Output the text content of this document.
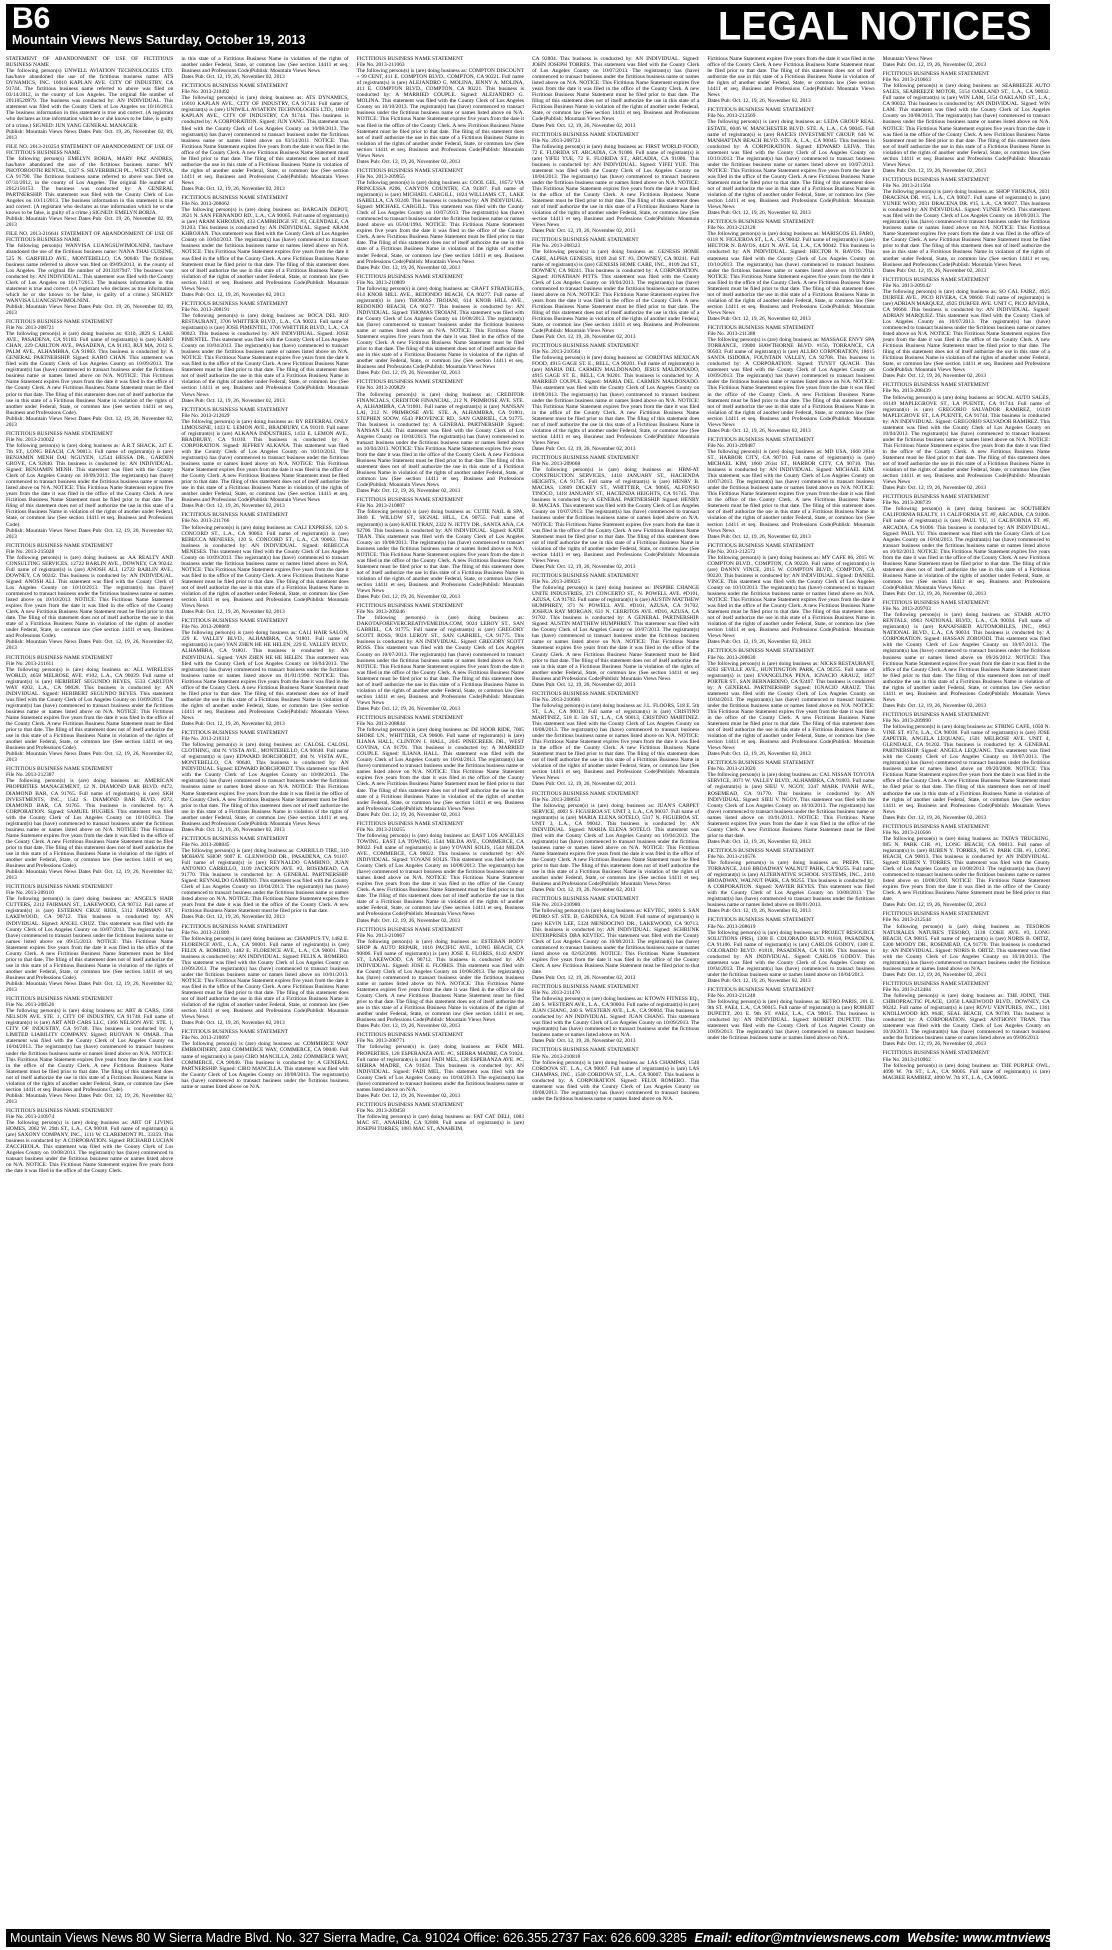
B6
Mountain Views News Saturday, October 19, 2013	LEGAL NOTICES
STATEMENT OF ABANDONMENT OF USE OF FICTITIOUS BUSINESS NAME
The following person(s) UNWELL AVIATION TECHNOLOGIES LTD. has/have abandoned the use of the fictitious business name: ATS DYNAMICS, INC. 16010 KAPLAN AVE. CITY OF INDUSTRY, CA 91744. The fictitious business name referred to above was filed on 03/14/2012, in the county of Los Angeles. The original file number of 20110520979. The business was conducted by: AN INDIVIDUAL. This statement was filed with the County Clerk of Los Angeles on 10/16/2013. The business information in this statement is true and correct. (A registrant who declares as true information which he or she knows to be false, is guilty of a crime.) SIGNED: JUN YANG GENERAL MANAGER
Publish: Mountain Views News Dates Pub: Oct. 19, 26, November 02, 09, 2013
FILE NO. 2013-210254 STATEMENT OF ABANDONMENT OF USE OF FICTITIOUS BUSINESS NAME
The following person(s) EMELYN BORJA, MARY PAZ ANDRES, has/have abandoned the use of the fictitious business name: MY PHOTOBOOTH RENTAL, 1327 S. SILVERBIRCH PL., WEST COVINA, CA 91790. The fictitious business name referred to above was filed on 07/31/2012, in the county of Los Angeles. The original file number of 2012156153. The business was conducted by: A GENERAL PARTNERSHIP. This statement was filed with the County Clerk of Los Angeles on 10/11/2013. The business information in this statement is true and correct. (A registrant who declares as true information which he or she knows to be false, is guilty of a crime.) SIGNED: EMELYN BORJA.
Publish: Mountain Views News Dates Pub: Oct. 19, 26, November 02, 09, 2013
FILE NO. 2013-216641 STATEMENT OF ABANDONMENT OF USE OF FICTITIOUS BUSINESS NAME
The following person(s) WANVISA LUANGSUWIMOLNINI, has/have abandoned the use of the fictitious business name: NANA THAI CUISINE, 525 N. GARFIELD AVE., MONTEBELLO, CA 90640. The fictitious business name referred to above was filed on 09/09/2013, in the county of Los Angeles. The original file number of 2013187947. The business was conducted by: AN INDIVIDUAL. This statement was filed with the County Clerk of Los Angeles on 10/17/2013. The business information in this statement is true and correct. (A registrant who declares as true information which he or she knows to be false, is guilty of a crime.) SIGNED: WANVISA LUANGSUWIMOLNINI.
Publish: Mountain Views News Dates Pub: Oct. 19, 26, November 02, 09, 2013
FICTITIOUS BUSINESS NAME STATEMENT
File No. 2013-208721
The following person(s) is (are) doing business as: 0310, 2829 S. LAKE AVE., PASADENA, CA 91103. Full name of registrant(s) is (are) KARO CHAN, 229 CARLTON AVE., PASADENA, CA 91103, RUI MA, 2012 S. PALM AVE., ALHAMBRA, CA 91803. This business is conducted by: A GENERAL PARTNERSHIP. Signed: KARO CHAN. This statement was filed with the County Clerk of Los Angeles County on 10/09/2013. The registrant(s) has (have) commenced to transact business under the fictitious business name or names listed above on N/A. NOTICE: This Fictitious Name Statement expires five years from the date it was filed in the office of the County Clerk. A new Fictitious Business Name Statement must be filed prior to that date. The filing of this statement does not of itself authorize the use in this state of a Fictitious Business Name in violation of the rights of another under Federal, State, or common law (See section 14411 et seq. Business and Professions Code).
Publish: Mountain Views News Dates Pub: Oct. 12, 19, 26, November 02, 2013
FICTITIOUS BUSINESS NAME STATEMENT
File No. 2013-210022
The following person(s) is (are) doing business as: A.R.T SHACK, 247 E. 7th ST., LONG BEACH, CA 90813. Full name of registrant(s) is (are) BENJAMIN MENH DAI NGUYEN, 12544 HESSA DR., GARDEN GROVE, CA 92840. This business is conducted by: AN INDIVIDUAL. Signed: BENJAMIN MENH. This statement was filed with the County Clerk of Los Angeles County on 10/09/2013. The registrant(s) has (have) commenced to transact business under the fictitious business name or names listed above on N/A. NOTICE: This Fictitious Name Statement expires five years from the date it was filed in the office of the County Clerk. A new Fictitious Business Name Statement must be filed prior to that date. The filing of this statement does not of itself authorize the use in this state of a Fictitious Business Name in violation of the rights of another under Federal, State, or common law (See section 14411 et seq. Business and Professions Code).
Publish: Mountain Views News Dates Pub: Oct. 12, 19, 26, November 02, 2013
FICTITIOUS BUSINESS NAME STATEMENT
File No. 2013-215028
The following person(s) is (are) doing business as: AA REALTY AND CONSULTING SERVICES, 12722 BARLIN AVE., DOWNEY, CA 90242. Full name of registrant(s) is (are) ANOSH ALI, 12722 BARLIN AVE., DOWNEY, CA 90242. This business is conducted by: AN INDIVIDUAL. Signed: ANOSH ALI. This statement was filed with the County Clerk of Los Angeles County on 10/10/2013. The registrant(s) has (have) commenced to transact business under the fictitious business name or names listed above on 10/10/2013. NOTICE: This Fictitious Name Statement expires five years from the date it was filed in the office of the County Clerk. A new Fictitious Business Name Statement must be filed prior to that date. The filing of this statement does not of itself authorize the use in this state of a Fictitious Business Name in violation of the rights of another under Federal, State, or common law (See section 14411 et seq. Business and Professions Code).
Publish: Mountain Views News Dates Pub: Oct. 12, 19, 26, November 02, 2013
FICTITIOUS BUSINESS NAME STATEMENT
File No. 2013-211611
The following person(s) is (are) doing business as: ALL WIRELESS WORLD, 4658 MELROSE AVE. #102, L.A., CA 90029. Full name of registrant(s) is (are) HERIBERT SEGUNDO REYES, 5533 CARLTON WAY #202, L.A., CA 90028. This business is conducted by: AN INDIVIDUAL. Signed: HERIBERT SEGUNDO REYES. This statement was filed with the County Clerk of Los Angeles County on 10/09/2013. The registrant(s) has (have) commenced to transact business under the fictitious business name or names listed above on N/A. NOTICE: This Fictitious Name Statement expires five years from the date it was filed in the office of the County Clerk. A new Fictitious Business Name Statement must be filed prior to that date. The filing of this statement does not of itself authorize the use in this state of a Fictitious Business Name in violation of the rights of another under Federal, State, or common law (See section 14411 et seq. Business and Professions Code).
Publish: Mountain Views News Dates Pub: Oct. 12, 19, 26, November 02, 2013
FICTITIOUS BUSINESS NAME STATEMENT
File No. 2013-212387
The following person(s) is (are) doing business as: AMERICAN PROPERTIES MANAGEMENT, 12 N. DIAMOND BAR BLVD. #472, DIAMOND BAR, CA 91765. Full name of registrant(s) is (are) SKH INVESTMENTS, INC., 1542 S. DIAMOND BAR BLVD. #272, DIAMOND BAR, CA 91765. This business is conducted by: A CORPORATION. Signed: SAMUEL HUGHES. This statement was filed with the County Clerk of Los Angeles County on 10/10/2013. The registrant(s) has (have) commenced to transact business under the fictitious business name or names listed above on N/A. NOTICE: This Fictitious Name Statement expires five years from the date it was filed in the office of the County Clerk. A new Fictitious Business Name Statement must be filed prior to that date. The filing of this statement does not of itself authorize the use in this state of a Fictitious Business Name in violation of the rights of another under Federal, State, or common law (See section 14411 et seq. Business and Professions Code).
Publish: Mountain Views News Dates Pub: Oct. 12, 19, 26, November 02, 2013
FICTITIOUS BUSINESS NAME STATEMENT
File No. 2013-209110
The following person(s) is (are) doing business as: ANGEL'S HAIR CUTTERS, 2312 FAIRMAN ST., LAKEWOOD, CA 90712. Full name of registrant(s) is (are) ESTEBAN CRUZ RIOS, 5312 FAIRMAN ST., LAKEWOOD, CA 90712. This business is conducted by: AN INDIVIDUAL. Signed: ANGEL CRUZ. This statement was filed with the County Clerk of Los Angeles County on 10/07/2013. The registrant(s) has (have) commenced to transact business under the fictitious business name or names listed above on 09/15/2013. NOTICE: This Fictitious Name Statement expires five years from the date it was filed in the office of the County Clerk. A new Fictitious Business Name Statement must be filed prior to that date. The filing of this statement does not of itself authorize the use in this state of a Fictitious Business Name in violation of the rights of another under Federal, State, or common law (See section 14411 et seq. Business and Professions Code).
Publish: Mountain Views News Dates Pub: Oct. 12, 19, 26, November 02, 2013
FICTITIOUS BUSINESS NAME STATEMENT
File No. 2013-208526
The following person(s) is (are) doing business as: ART & CARS, 1366 NELSON AVE. STE. 1, CITY OF INDUSTRY, CA 91748. Full name of registrant(s) is (are) ART AND CARS LLC, 1366 NELSON AVE. STE. 1, CITY OF INDUSTRY, CA 91748. This business is conducted by: A LIMITED LIABILITY COMPANY. Signed: RUOYAN N. OMAR. This statement was filed with the County Clerk of Los Angeles County on 10/04/2013. The registrant(s) has (have) commenced to transact business under the fictitious business name or names listed above on N/A. NOTICE: This Fictitious Name Statement expires five years from the date it was filed in the office of the County Clerk. A new Fictitious Business Name Statement must be filed prior to that date. The filing of this statement does not of itself authorize the use in this state of a Fictitious Business Name in violation of the rights of another under Federal, State, or common law (See section 14411 et seq. Business and Professions Code).
Publish: Mountain Views News Dates Pub: Oct. 12, 19, 26, November 02, 2013
FICTITIOUS BUSINESS NAME STATEMENT
File No. 2013-210974
The following person(s) is (are) doing business as: ART OF LIVING HOMES, 2062 W. 29th ST., L.A., CA 90018. Full name of registrant(s) is (are) SAXONY COMPANY, INC., 1111 W. CLAREMONT PL. 33359. This business is conducted by: A CORPORATION. Signed: RICHARD LUCIAN ZACCHEOLA. This statement was filed with the County Clerk of Los Angeles County on 10/08/2013. The registrant(s) has (have) commenced to transact business under the fictitious business name or names listed above on N/A. NOTICE: This Fictitious Name Statement expires five years from the date it was filed in the office of the County Clerk.
in this state of a Fictitious Business Name in violation of the rights of another under Federal, State, or common law (See section 14411 et seq. Business and Professions Code)Publish: Mountain Views News
Dates Pub: Oct. 12, 19, 26, November 02, 2013
FICTITIOUS BUSINESS NAME STATEMENT
File No. 2013-210492
The following person(s) is (are) doing business as: ATS DYNAMICS, 16010 KAPLAN AVE., CITY OF INDUSTRY, CA 91744. Full name of registrant(s) is (are) UNIWILL AVIATION TECHNOLOGIES LTD., 16010 KAPLAN AVE., CITY OF INDUSTRY, CA 91744. This business is conducted by: A CORPORATION. Signed: JUN YANG. This statement was filed with the County Clerk of Los Angeles County on 10/08/2013. The registrant(s) has (have) commenced to transact business under the fictitious business name or names listed above on 03/14/2011. NOTICE: This Fictitious Name Statement expires five years from the date it was filed in the office of the County Clerk. A new Fictitious Business Name Statement must be filed prior to that date. The filing of this statement does not of itself authorize the use in this state of a Fictitious Business Name in violation of the rights of another under Federal, State, or common law (See section 14411 et seq. Business and Professions Code)Publish: Mountain Views News
Dates Pub: Oct. 12, 19, 26, November 02, 2013
FICTITIOUS BUSINESS NAME STATEMENT
File No. 2013-208662
The following person(s) is (are) doing business as: BARGAIN DEPOT, 2621 N. SAN FERNANDO RD., L.A., CA 90065. Full name of registrant(s) is (are) ARAM KHROJIAN, 433 CAMBRIDGE ST. #3, GLENDALE, CA 91203. This business is conducted by: AN INDIVIDUAL. Signed: ARAM KHROJIAN. This statement was filed with the County Clerk of Los Angeles County on 10/04/2013. The registrant(s) has (have) commenced to transact business under the fictitious business name or names listed above on N/A. NOTICE: This Fictitious Name Statement expires five years from the date it was filed in the office of the County Clerk. A new Fictitious Business Name Statement must be filed prior to that date. The filing of this statement does not of itself authorize the use in this state of a Fictitious Business Name in violation of the rights of another under Federal, State, or common law (See section 14411 et seq. Business and Professions Code)Publish: Mountain Views News
Dates Pub: Oct. 12, 19, 26, November 02, 2013
FICTITIOUS BUSINESS NAME STATEMENT
File No. 2013-208191
The following person(s) is (are) doing business as: BOCA DEL RIO RESTAURANT, 3706 WHITTIER BLVD., L.A., CA 90023. Full name of registrant(s) is (are) JOSE PIMENTEL, 3706 WHITTIER BLVD., L.A., CA 90023. This business is conducted by: AN INDIVIDUAL. Signed: JOSE PIMENTEL. This statement was filed with the County Clerk of Los Angeles County on 10/04/2013. The registrant(s) has (have) commenced to transact business under the fictitious business name or names listed above on N/A. NOTICE: This Fictitious Name Statement expires five years from the date it was filed in the office of the County Clerk. A new Fictitious Business Name Statement must be filed prior to that date. The filing of this statement does not of itself authorize the use in this state of a Fictitious Business Name in violation of the rights of another under Federal, State, or common law (See section 14411 et seq. Business and Professions Code)Publish: Mountain Views News
Dates Pub: Oct. 12, 19, 26, November 02, 2013
FICTITIOUS BUSINESS NAME STATEMENT
File No. 2013-212629
The following person(s) is (are) doing business as: BY REFERRAL ONLY LIMOUSINE, 1433 E. LEMON AVE., BRADBURY, CA 91010. Full name of registrant(s) is (are) ALKANA INDUSTRIES, 1433 E. LEMON AVE., BRADBURY, CA 91010. This business is conducted by: A CORPORATION. Signed: JEFFREY ALKANA. This statement was filed with the County Clerk of Los Angeles County on 10/10/2013. The registrant(s) has (have) commenced to transact business under the fictitious business name or names listed above on N/A. NOTICE: This Fictitious Name Statement expires five years from the date it was filed in the office of the County Clerk. A new Fictitious Business Name Statement must be filed prior to that date. The filing of this statement does not of itself authorize the use in this state of a Fictitious Business Name in violation of the rights of another under Federal, State, or common law (See section 14411 et seq. Business and Professions Code)Publish: Mountain Views News
Dates Pub: Oct. 12, 19, 26, November 02, 2013
FICTITIOUS BUSINESS NAME STATEMENT
File No. 2013-211766
The following person(s) is (are) doing business as: CALI EXPRESS, 120 S. CONCORD ST., L.A., CA 90063. Full name of registrant(s) is (are) REBECCA MENESES, 120 S. CONCORD ST., L.A., CA 90063. This business is conducted by: AN INDIVIDUAL. Signed: REBECCA MENESES. This statement was filed with the County Clerk of Los Angeles County on 10/09/2013. The registrant(s) has (have) commenced to transact business under the fictitious business name or names listed above on N/A. NOTICE: This Fictitious Name Statement expires five years from the date it was filed in the office of the County Clerk. A new Fictitious Business Name Statement must be filed prior to that date. The filing of this statement does not of itself authorize the use in this state of a Fictitious Business Name in violation of the rights of another under Federal, State, or common law (See section 14411 et seq. Business and Professions Code)Publish: Mountain Views News
Dates Pub: Oct. 12, 19, 26, November 02, 2013
FICTITIOUS BUSINESS NAME STATEMENT
File No. 2013-208869
The following person(s) is (are) doing business as: CALI HAIR SALON, 229 E. VALLEY BLVD., ALHAMBRA, CA 91801. Full name of registrant(s) is (are) YAN ZHEN HE HE HELEN, 229 E. VALLEY BLVD., ALHAMBRA, CA 91801. This business is conducted by: AN INDIVIDUAL. Signed: YAN ZHEN HE HE HELEN. This statement was filed with the County Clerk of Los Angeles County on 10/04/2013. The registrant(s) has (have) commenced to transact business under the fictitious business name or names listed above on 01/01/1990. NOTICE: This Fictitious Name Statement expires five years from the date it was filed in the office of the County Clerk. A new Fictitious Business Name Statement must be filed prior to that date. The filing of this statement does not of itself authorize the use in this state of a Fictitious Business Name in violation of the rights of another under Federal, State, or common law (See section 14411 et seq. Business and Professions Code)Publish: Mountain Views News
Dates Pub: Oct. 12, 19, 26, November 02, 2013
FICTITIOUS BUSINESS NAME STATEMENT
File No. 2013-210312
The following person(s) is (are) doing business as: CALOSL CALOSL CLOTHING, 404 N. VISTA AVE., MONTEBELLO, CA 90640. Full name of registrant(s) is (are) EDWARD BORCHORDT, 404 N. VISTA AVE., MONTEBELLO, CA 90640. This business is conducted by: AN INDIVIDUAL. Signed: EDWARD BORCHORDT. This statement was filed with the County Clerk of Los Angeles County on 10/08/2013. The registrant(s) has (have) commenced to transact business under the fictitious business name or names listed above on N/A. NOTICE: This Fictitious Name Statement expires five years from the date it was filed in the office of the County Clerk. A new Fictitious Business Name Statement must be filed prior to that date. The filing of this statement does not of itself authorize the use in this state of a Fictitious Business Name in violation of the rights of another under Federal, State, or common law (See section 14411 et seq. Business and Professions Code)Publish: Mountain Views News
Dates Pub: Oct. 12, 19, 26, November 02, 2013
FICTITIOUS BUSINESS NAME STATEMENT
File No. 2013-208845
The following person(s) is (are) doing business as: CARRILLO TIRE, 310 MOHAVE SHOP, 9007 E. GLENWOOD DR., PASADENA, CA 91107. Full name of registrant(s) is (are) REYNALDO GAMBINO, JUAN ANTONIO CARRILLO, 3109 JACKSON AVE. #2, ROSEMEAD, CA 91770. This business is conducted by: A GENERAL PARTNERSHIP. Signed: REYNALDO GAMBINO. This statement was filed with the County Clerk of Los Angeles County on 10/04/2013. The registrant(s) has (have) commenced to transact business under the fictitious business name or names listed above on N/A. NOTICE: This Fictitious Name Statement expires five years from the date it was filed in the office of the County Clerk. A new Fictitious Business Name Statement must be filed prior to that date.
Dates Pub: Oct. 12, 19, 26, November 02, 2013
FICTITIOUS BUSINESS NAME STATEMENT
File No. 2013-211809
The following person(s) is (are) doing business as: CHAMPUS TV, 1482 E. FLORENCE AVE., L.A., CA 90001. Full name of registrant(s) is (are) FELIX A. ROMERO, 1482 E. FLORENCE AVE., L.A., CA 90001. This business is conducted by: AN INDIVIDUAL. Signed: FELIX A. ROMERO. This statement was filed with the County Clerk of Los Angeles County on 10/09/2013. The registrant(s) has (have) commenced to transact business under the fictitious business name or names listed above on 10/01/2013. NOTICE: This Fictitious Name Statement expires five years from the date it was filed in the office of the County Clerk. A new Fictitious Business Name Statement must be filed prior to that date. The filing of this statement does not of itself authorize the use in this state of a Fictitious Business Name in violation of the rights of another under Federal, State, or common law (See section 14411 et seq. Business and Professions Code)Publish: Mountain Views News
Dates Pub: Oct. 12, 19, 26, November 02, 2013
FICTITIOUS BUSINESS NAME STATEMENT
File No. 2013-210097
The following person(s) is (are) doing business as: COMMERCE WAY EMBROIDERY, 2402 COMMERCE WAY, COMMERCE, CA 90040. Full name of registrant(s) is (are) CIRO MANCILLA, 2402 COMMERCE WAY, COMMERCE, CA 90040. This business is conducted by: A GENERAL PARTNERSHIP. Signed: CIRO MANCILLA. This statement was filed with the County Clerk of Los Angeles County on 10/08/2013. The registrant(s) has (have) commenced to transact business under the fictitious business name or names listed above on N/A.
FICTITIOUS BUSINESS NAME STATEMENT
File No. 2013-211063
The following person(s) is (are) doing business as: COMPTON DISCOUNT + 99 CENT, 411 E. COMPTON BLVD., COMPTON, CA 90221. Full name of registrant(s) is (are) ALEJANDRO G. MOLINA, JENNY A. MOLINA, 411 E. COMPTON BLVD., COMPTON, CA 90221. This business is conducted by: A MARRIED COUPLE. Signed: ALEJANDRO G. MOLINA. This statement was filed with the County Clerk of Los Angeles County on 10/10/2013. The registrant(s) has (have) commenced to transact business under the fictitious business name or names listed above on N/A. NOTICE: This Fictitious Name Statement expires five years from the date it was filed in the office of the County Clerk. A new Fictitious Business Name Statement must be filed prior to that date. The filing of this statement does not of itself authorize the use in this state of a Fictitious Business Name in violation of the rights of another under Federal, State, or common law (See section 14411 et seq. Business and Professions Code)Publish: Mountain Views News
Dates Pub: Oct. 12, 19, 26, November 02, 2013
FICTITIOUS BUSINESS NAME STATEMENT
File No. 2013-209955
The following person(s) is (are) doing business as: COOL GEL, 18572 VIA PRINCESSA #206, CANYON COUNTRY, CA 91387. Full name of registrant(s) is (are) MICHAEL CARGILL, 1824 WILLIAMS CT., LAKE ISABELLA, CA 93240. This business is conducted by: AN INDIVIDUAL. Signed: MICHAEL CARGILL. This statement was filed with the County Clerk of Los Angeles County on 10/07/2013. The registrant(s) has (have) commenced to transact business under the fictitious business name or names listed above on 05/04/1994. NOTICE: This Fictitious Name Statement expires five years from the date it was filed in the office of the County Clerk. A new Fictitious Business Name Statement must be filed prior to that date. The filing of this statement does not of itself authorize the use in this state of a Fictitious Business Name in violation of the rights of another under Federal, State, or common law (See section 14411 et seq. Business and Professions Code)Publish: Mountain Views News
Dates Pub: Oct. 12, 19, 26, November 02, 2013
FICTITIOUS BUSINESS NAME STATEMENT
File No. 2013-210809
The following person(s) is (are) doing business as: CRAFT STRATEGIES, 614 KNOB HILL AVE., REDONDO BEACH, CA 90277. Full name of registrant(s) is (are) THOMAS TROIANI, 614 KNOB HILL AVE., REDONDO BEACH, CA 90277. This business is conducted by: AN INDIVIDUAL. Signed: THOMAS TROIANI. This statement was filed with the County Clerk of Los Angeles County on 10/08/2013. The registrant(s) has (have) commenced to transact business under the fictitious business name or names listed above on N/A. NOTICE: This Fictitious Name Statement expires five years from the date it was filed in the office of the County Clerk. A new Fictitious Business Name Statement must be filed prior to that date. The filing of this statement does not of itself authorize the use in this state of a Fictitious Business Name in violation of the rights of another under Federal, State, or common law (See section 14411 et seq. Business and Professions Code)Publish: Mountain Views News
Dates Pub: Oct. 12, 19, 26, November 02, 2013
FICTITIOUS BUSINESS NAME STATEMENT
File No. 2013-209829
The following person(s) is (are) doing business as: CREDITOR FINANCIALS, CREDITOR FINANCIAL, 212 N. PRIMROSE AVE. STE. A, ALHAMBRA, CA 91801. Full name of registrant(s) is (are) NANSAN LAI, 212 N. PRIMROSE AVE. STE. A, ALHAMBRA, CA 91801, STEPHEN SOOW, 6543 PROVENCE RD., SAN GABRIEL, CA 91775. This business is conducted by: A GENERAL PARTNERSHIP. Signed: NANSAN LAI. This statement was filed with the County Clerk of Los Angeles County on 10/04/2013. The registrant(s) has (have) commenced to transact business under the fictitious business name or names listed above on 10/04/2013. NOTICE: This Fictitious Name Statement expires five years from the date it was filed in the office of the County Clerk. A new Fictitious Business Name Statement must be filed prior to that date. The filing of this statement does not of itself authorize the use in this state of a Fictitious Business Name in violation of the rights of another under Federal, State, or common law (See section 14411 et seq. Business and Professions Code)Publish: Mountain Views News
Dates Pub: Oct. 12, 19, 26, November 02, 2013
FICTITIOUS BUSINESS NAME STATEMENT
File No. 2013-210807
The following person(s) is (are) doing business as: CUTIE NAIL & SPA, 3840 E. WILLOW ST., SIGNAL HILL, CA 90755. Full name of registrant(s) is (are) KATIE TRAN, 2322 N. JETTY DR., SANTA ANA, CA 92706. This business is conducted by: AN INDIVIDUAL. Signed: KATIE TRAN. This statement was filed with the County Clerk of Los Angeles County on 10/08/2013. The registrant(s) has (have) commenced to transact business under the fictitious business name or names listed above on N/A. NOTICE: This Fictitious Name Statement expires five years from the date it was filed in the office of the County Clerk. A new Fictitious Business Name Statement must be filed prior to that date. The filing of this statement does not of itself authorize the use in this state of a Fictitious Business Name in violation of the rights of another under Federal, State, or common law (See section 14411 et seq. Business and Professions Code)Publish: Mountain Views News
Dates Pub: Oct. 12, 19, 26, November 02, 2013
FICTITIOUS BUSINESS NAME STATEMENT
File No. 2013-209246
The following person(s) is (are) doing business as: DAKOTAFOREVERCREATIVEMEDIA.COM, 9024 LEROY ST., SAN GABRIEL, CA 91775. Full name of registrant(s) is (are) GREGORY SCOTT ROSS, 9024 LEROY ST., SAN GABRIEL, CA 91775. This business is conducted by: AN INDIVIDUAL. Signed: GREGORY SCOTT ROSS. This statement was filed with the County Clerk of Los Angeles County on 10/07/2013. The registrant(s) has (have) commenced to transact business under the fictitious business name or names listed above on N/A. NOTICE: This Fictitious Name Statement expires five years from the date it was filed in the office of the County Clerk. A new Fictitious Business Name Statement must be filed prior to that date. The filing of this statement does not of itself authorize the use in this state of a Fictitious Business Name in violation of the rights of another under Federal, State, or common law (See section 14411 et seq. Business and Professions Code)Publish: Mountain Views News
Dates Pub: Oct. 12, 19, 26, November 02, 2013
FICTITIOUS BUSINESS NAME STATEMENT
File No. 2013-208844
The following person(s) is (are) doing business as: DE HOOR RIDE, 7005 SHORE LN., WHITTIER, CA 90606. Full name of registrant(s) is (are) ILIANA HALL, CLINTON I. HALL, 2045 PINECREEK DR., WEST COVINA, CA 91791. This business is conducted by: A MARRIED COUPLE. Signed: ILIANA HALL. This statement was filed with the County Clerk of Los Angeles County on 10/04/2013. The registrant(s) has (have) commenced to transact business under the fictitious business name or names listed above on N/A. NOTICE: This Fictitious Name Statement expires five years from the date it was filed in the office of the County Clerk. A new Fictitious Business Name Statement must be filed prior to that date. The filing of this statement does not of itself authorize the use in this state of a Fictitious Business Name in violation of the rights of another under Federal, State, or common law (See section 14411 et seq. Business and Professions Code)Publish: Mountain Views News
Dates Pub: Oct. 12, 19, 26, November 02, 2013
FICTITIOUS BUSINESS NAME STATEMENT
File No. 2013-210255
The following person(s) is (are) doing business as: EAST LOS ANGELES TOWING, EAST LA TOWING, 1544 MILDA AVE., COMMERCE, CA 90022. Full name of registrant(s) is (are) YOVANI SOLIS, 1544 MILDA AVE., COMMERCE, CA 90022. This business is conducted by: AN INDIVIDUAL. Signed: YOVANI SOLIS. This statement was filed with the County Clerk of Los Angeles County on 10/08/2013. The registrant(s) has (have) commenced to transact business under the fictitious business name or names listed above on N/A. NOTICE: This Fictitious Name Statement expires five years from the date it was filed in the office of the County Clerk. A new Fictitious Business Name Statement must be filed prior to that date. The filing of this statement does not of itself authorize the use in this state of a Fictitious Business Name in violation of the rights of another under Federal, State, or common law (See section 14411 et seq. Business and Professions Code)Publish: Mountain Views News
Dates Pub: Oct. 12, 19, 26, November 02, 2013
FICTITIOUS BUSINESS NAME STATEMENT
File No. 2013-210967
The following person(s) is (are) doing business as: ESTEBAN BODY SHOP & AUTO REPAIR, 1016 PACIFIC AVE., LONG BEACH, CA 90806. Full name of registrant(s) is (are) JOSE E. FLORES, 6142 ANDY ST., LAKEWOOD, CA 90712. This business is conducted by: AN INDIVIDUAL. Signed: JOSE E. FLORES. This statement was filed with the County Clerk of Los Angeles County on 10/08/2013. The registrant(s) has (have) commenced to transact business under the fictitious business name or names listed above on N/A. NOTICE: This Fictitious Name Statement expires five years from the date it was filed in the office of the County Clerk. A new Fictitious Business Name Statement must be filed prior to that date. The filing of this statement does not of itself authorize the use in this state of a Fictitious Business Name in violation of the rights of another under Federal, State, or common law (See section 14411 et seq. Business and Professions Code)Publish: Mountain Views News
Dates Pub: Oct. 12, 19, 26, November 02, 2013
FICTITIOUS BUSINESS NAME STATEMENT
File No. 2013-208771
The following person(s) is (are) doing business as: FADI MEL PROPERTIES, 128 ESPERANZA AVE. #C, SIERRA MADRE, CA 91024. Full name of registrant(s) is (are) FADI MEL, 128 ESPERANZA AVE. #C, SIERRA MADRE, CA 91024. This business is conducted by: AN INDIVIDUAL. Signed: FADI MEL. This statement was filed with the County Clerk of Los Angeles County on 10/04/2013. The registrant(s) has (have) commenced to transact business under the fictitious business name or names listed above on N/A.
Dates Pub: Oct. 12, 19, 26, November 02, 2013
FICTITIOUS BUSINESS NAME STATEMENT
File No. 2013-209458
The following person(s) is (are) doing business as: FAT CAT DELI, 1083 MAC ST., ANAHEIM, CA 92808. Full name of registrant(s) is (are) JOSEPH TORRES, 1083 MAC ST., ANAHEIM,
CA 92804. This business is conducted by: AN INDIVIDUAL. Signed: JOHN JOSEPH TORRES. This statement was filed with the County Clerk of Los Angeles County on 10/07/2013. The registrant(s) has (have) commenced to transact business under the fictitious business name or names listed above on N/A. NOTICE: This Fictitious Name Statement expires five years from the date it was filed in the office of the County Clerk. A new Fictitious Business Name Statement must be filed prior to that date. The filing of this statement does not of itself authorize the use in this state of a Fictitious Business Name in violation of the rights of another under Federal, State, or common law (See section 14411 et seq. Business and Professions Code)Publish: Mountain Views News
Dates Pub: Oct. 12, 19, 26, November 02, 2013
FICTITIOUS BUSINESS NAME STATEMENT
File No. 2013-208723
The following person(s) is (are) doing business as: FIRST WORLD FOOD, 72 E. FLORIDA ST. ARCADIA, CA 91006. Full name of registrant(s) is (are) YIFEI YUE, 72 E. FLORIDA ST., ARCADIA, CA 91006. This business is conducted by: AN INDIVIDUAL. Signed: YIFEI YUE. This statement was filed with the County Clerk of Los Angeles County on 10/04/2013. The registrant(s) has (have) commenced to transact business under the fictitious business name or names listed above on N/A. NOTICE: This Fictitious Name Statement expires five years from the date it was filed in the office of the County Clerk. A new Fictitious Business Name Statement must be filed prior to that date. The filing of this statement does not of itself authorize the use in this state of a Fictitious Business Name in violation of the rights of another under Federal, State, or common law (See section 14411 et seq. Business and Professions Code)Publish: Mountain Views News
Dates Pub: Oct. 12, 19, 26, November 02, 2013
FICTITIOUS BUSINESS NAME STATEMENT
File No. 2013-208323
The following person(s) is (are) doing business as: GENESIS HOME CARE, ALPHA GENESIS, 8109 2nd ST. #3, DOWNEY, CA 90241. Full name of registrant(s) is (are) GENESIS HOME CARE, INC., 8109 2nd ST., DOWNEY, CA 90241. This business is conducted by: A CORPORATION. Signed: JONATHAN PITTS. This statement was filed with the County Clerk of Los Angeles County on 10/04/2013. The registrant(s) has (have) commenced to transact business under the fictitious business name or names listed above on N/A. NOTICE: This Fictitious Name Statement expires five years from the date it was filed in the office of the County Clerk. A new Fictitious Business Name Statement must be filed prior to that date. The filing of this statement does not of itself authorize the use in this state of a Fictitious Business Name in violation of the rights of another under Federal, State, or common law (See section 14411 et seq. Business and Professions Code)Publish: Mountain Views News
Dates Pub: Oct. 12, 19, 26, November 02, 2013
FICTITIOUS BUSINESS NAME STATEMENT
File No. 2013-210564
The following person(s) is (are) doing business as: GORDITAS MEXICAN FOOD, 4915 GAGE ST. E., BELL, CA 90201. Full name of registrant(s) is (are) MARIA DEL CARMEN MALDONADO, JESUS MALDONADO, 4915 GAGE ST. E., BELL, CA 90201. This business is conducted by: A MARRIED COUPLE. Signed: MARIA DEL CARMEN MALDONADO. This statement was filed with the County Clerk of Los Angeles County on 10/08/2013. The registrant(s) has (have) commenced to transact business under the fictitious business name or names listed above on N/A. NOTICE: This Fictitious Name Statement expires five years from the date it was filed in the office of the County Clerk. A new Fictitious Business Name Statement must be filed prior to that date. The filing of this statement does not of itself authorize the use in this state of a Fictitious Business Name in violation of the rights of another under Federal, State, or common law (See section 14411 et seq. Business and Professions Code)Publish: Mountain Views News
Dates Pub: Oct. 12, 19, 26, November 02, 2013
FICTITIOUS BUSINESS NAME STATEMENT
File No. 2013-209668
The following person(s) is (are) doing business as: HBM-AT CONSTRUCTION SERVICES, 1418 JANUARY ST., HACIENDA HEIGHTS, CA 91745. Full name of registrant(s) is (are) HENRY B. MACIAS, 13609 DICKEY ST., WHITTIER, CA 90605, ALFONSO TINOCO, 1418 JANUARY ST., HACIENDA HEIGHTS, CA 91745. This business is conducted by: A GENERAL PARTNERSHIP. Signed: HENRY B. MACIAS. This statement was filed with the County Clerk of Los Angeles County on 10/07/2013. The registrant(s) has (have) commenced to transact business under the fictitious business name or names listed above on N/A. NOTICE: This Fictitious Name Statement expires five years from the date it was filed in the office of the County Clerk. A new Fictitious Business Name Statement must be filed prior to that date. The filing of this statement does not of itself authorize the use in this state of a Fictitious Business Name in violation of the rights of another under Federal, State, or common law (See section 14411 et seq. Business and Professions Code)Publish: Mountain Views News
Dates Pub: Oct. 12, 19, 26, November 02, 2013
FICTITIOUS BUSINESS NAME STATEMENT
File No. 2013-209025
The following person(s) is (are) doing business as: INSPIRE CHANGE UNITE INDUSTRIES, 371 CONCERTO ST., N. POWELL AVE. #D101, AZUSA, CA 91702. Full name of registrant(s) is (are) AUSTIN MATTHEW HUMPHREY, 371 N. POWELL AVE. #D101, AZUSA, CA 91702, JOSHUA RAY MORGAN, 631 N. CERRITOS AVE. #D16, AZUSA, CA 91702. This business is conducted by: A GENERAL PARTNERSHIP. Signed: AUSTIN MATTHEW HUMPHREY. This statement was filed with the County Clerk of Los Angeles County on 10/07/2013. The registrant(s) has (have) commenced to transact business under the fictitious business name or names listed above on N/A. NOTICE: This Fictitious Name Statement expires five years from the date it was filed in the office of the County Clerk. A new Fictitious Business Name Statement must be filed prior to that date. The filing of this statement does not of itself authorize the use in this state of a Fictitious Business Name in violation of the rights of another under Federal, State, or common law (See section 14411 et seq. Business and Professions Code)Publish: Mountain Views News
Dates Pub: Oct. 12, 19, 26, November 02, 2013
FICTITIOUS BUSINESS NAME STATEMENT
File No. 2013-210686
The following person(s) is (are) doing business as: J.L. FLOORS, 518 E. 5th ST., L.A., CA 90013. Full name of registrant(s) is (are) CRISTINO MARTINEZ, 518 E. 5th ST., L.A., CA 90013, CRISTINO MARTINEZ. This statement was filed with the County Clerk of Los Angeles County on 10/08/2013. The registrant(s) has (have) commenced to transact business under the fictitious business name or names listed above on N/A. NOTICE: This Fictitious Name Statement expires five years from the date it was filed in the office of the County Clerk. A new Fictitious Business Name Statement must be filed prior to that date. The filing of this statement does not of itself authorize the use in this state of a Fictitious Business Name in violation of the rights of another under Federal, State, or common law (See section 14411 et seq. Business and Professions Code)Publish: Mountain Views News
Dates Pub: Oct. 12, 19, 26, November 02, 2013
FICTITIOUS BUSINESS NAME STATEMENT
File No. 2013-208653
The following person(s) is (are) doing business as: JUAN'S CARPET SERVICE, 4003 S. FIGUEROA ST. UNIT 3, L.A., CA 90037. Full name of registrant(s) is (are) MARIA ELENA SOTELO, 5317 N. FIGUEROA ST. UNIT 3, L.A., CA 90042. This business is conducted by: AN INDIVIDUAL. Signed: MARIA ELENA SOTELO. This statement was filed with the County Clerk of Los Angeles County on 10/04/2013. The registrant(s) has (have) commenced to transact business under the fictitious business name or names listed above on N/A. NOTICE: This Fictitious Name Statement expires five years from the date it was filed in the office of the County Clerk. A new Fictitious Business Name Statement must be filed prior to that date. The filing of this statement does not of itself authorize the use in this state of a Fictitious Business Name in violation of the rights of another under Federal, State, or common law (See section 14411 et seq. Business and Professions Code)Publish: Mountain Views News
Dates Pub: Oct. 12, 19, 26, November 02, 2013
FICTITIOUS BUSINESS NAME STATEMENT
File No. 2013-210980
The following person(s) is (are) doing business as: KEVTEC, 16801 S. SAN PEDRO ST. STE. B, GARDENA, CA 90248. Full name of registrant(s) is (are) KEVIN LEE, 5324 MENDOCINO DR., LAKEWOOD, CA 90713. This business is conducted by: AN INDIVIDUAL. Signed: SCHRUNK ENTERPRISES DBA KEVTEC. This statement was filed with the County Clerk of Los Angeles County on 10/08/2013. The registrant(s) has (have) commenced to transact business under the fictitious business name or names listed above on 02/02/2006. NOTICE: This Fictitious Name Statement expires five years from the date it was filed in the office of the County Clerk. A new Fictitious Business Name Statement must be filed prior to that date.
Dates Pub: Oct. 12, 19, 26, November 02, 2013
FICTITIOUS BUSINESS NAME STATEMENT
File No. 2013-211470
The following person(s) is (are) doing business as: KTOWN FITNESS EQ., 240 S. WESTERN AVE., L.A., CA 90004. Full name of registrant(s) is (are) JUAN CHANG, 240 S. WESTERN AVE., L.A., CA 90004. This business is conducted by: AN INDIVIDUAL. Signed: JUAN CHANG. This statement was filed with the County Clerk of Los Angeles County on 10/09/2013. The registrant(s) has (have) commenced to transact business under the fictitious business name or names listed above on N/A.
Dates Pub: Oct. 12, 19, 26, November 02, 2013
FICTITIOUS BUSINESS NAME STATEMENT
File No. 2013-210818
The following person(s) is (are) doing business as: LAS CHAMPAS, 1540 CORDOVA ST., L.A., CA 90007. Full name of registrant(s) is (are) LAS CHAMPAS, INC., 1540 CORDOVA ST., L.A., CA 90007. This business is conducted by: A CORPORATION. Signed: FELIX ROMERO. This statement was filed with the County Clerk of Los Angeles County on 10/08/2013. The registrant(s) has (have) commenced to transact business under the fictitious business name or names listed above on N/A.
Fictitious Name Statement expires five years from the date it was filed in the office of the County Clerk. A new Fictitious Business Name Statement must be filed prior to that date. The filing of this statement does not of itself authorize the use in this state of a Fictitious Business Name in violation of the rights of another under Federal, State, or common law (See section 14411 et seq. Business and Professions Code)Publish: Mountain Views News
Dates Pub: Oct. 12, 19, 26, November 02, 2013
FICTITIOUS BUSINESS NAME STATEMENT
File No. 2013-212569
The following person(s) is (are) doing business as: LEDA GROUP REAL ESTATE, 6046 W. MANCHESTER BLVD. STE. A, L.A., CA 90045. Full name of registrant(s) is (are) RAICES INVESTMENT GROUP, 646 W. MANHATTAN BEACH BLVD. STE. A, L.A., CA 90045. This business is conducted by: A CORPORATION. Signed: EDWARD LEIVA. This statement was filed with the County Clerk of Los Angeles County on 10/10/2013. The registrant(s) has (have) commenced to transact business under the fictitious business name or names listed above on 10/07/2013. NOTICE: This Fictitious Name Statement expires five years from the date it was filed in the office of the County Clerk. A new Fictitious Business Name Statement must be filed prior to that date. The filing of this statement does not of itself authorize the use in this state of a Fictitious Business Name in violation of the rights of another under Federal, State, or common law (See section 14411 et seq. Business and Professions Code)Publish: Mountain Views News
Dates Pub: Oct. 12, 19, 26, November 02, 2013
FICTITIOUS BUSINESS NAME STATEMENT
File No. 2013-212128
The following person(s) is (are) doing business as: MARISCOS EL FARO, 6118 N. FIGUEROA ST., L.A., CA 90042. Full name of registrant(s) is (are) HECTOR N. RAVOS, 4421 N. AVE. 54, L.A., CA 90042. This business is conducted by: AN INDIVIDUAL. Signed: HECTOR N. RAVOS. This statement was filed with the County Clerk of Los Angeles County on 10/10/2013. The registrant(s) has (have) commenced to transact business under the fictitious business name or names listed above on 10/10/2013. NOTICE: This Fictitious Name Statement expires five years from the date it was filed in the office of the County Clerk. A new Fictitious Business Name Statement must be filed prior to that date. The filing of this statement does not of itself authorize the use in this state of a Fictitious Business Name in violation of the rights of another under Federal, State, or common law (See section 14411 et seq. Business and Professions Code)Publish: Mountain Views News
Dates Pub: Oct. 12, 19, 26, November 02, 2013
FICTITIOUS BUSINESS NAME STATEMENT
File No. 2013-211388
The following person(s) is (are) doing business as: MASSAGE ENVY SPA TORRANCE, 19800 HAWTHORNE BLVD. #150, TORRANCE, CA 90503. Full name of registrant(s) is (are) ALLBO CORPORATION, 18615 SANTA ISIDORA, FOUNTAIN VALLEY, CA 92708. This business is conducted by: A CORPORATION. Signed: TUYET QUACH. This statement was filed with the County Clerk of Los Angeles County on 10/09/2013. The registrant(s) has (have) commenced to transact business under the fictitious business name or names listed above on N/A. NOTICE: This Fictitious Name Statement expires five years from the date it was filed in the office of the County Clerk. A new Fictitious Business Name Statement must be filed prior to that date. The filing of this statement does not of itself authorize the use in this state of a Fictitious Business Name in violation of the rights of another under Federal, State, or common law (See section 14411 et seq. Business and Professions Code)Publish: Mountain Views News
Dates Pub: Oct. 12, 19, 26, November 02, 2013
FICTITIOUS BUSINESS NAME STATEMENT
File No. 2013-209487
The following person(s) is (are) doing business as: MD USA, 1660 261st ST., HARBOR CITY, CA 90710. Full name of registrant(s) is (are) MICHAEL KIM, 1660 261st ST., HARBOR CITY, CA 90710. This business is conducted by: AN INDIVIDUAL. Signed: MICHAEL KIM. This statement was filed with the County Clerk of Los Angeles County on 10/07/2013. The registrant(s) has (have) commenced to transact business under the fictitious business name or names listed above on N/A. NOTICE: This Fictitious Name Statement expires five years from the date it was filed in the office of the County Clerk. A new Fictitious Business Name Statement must be filed prior to that date. The filing of this statement does not of itself authorize the use in this state of a Fictitious Business Name in violation of the rights of another under Federal, State, or common law (See section 14411 et seq. Business and Professions Code)Publish: Mountain Views News
Dates Pub: Oct. 12, 19, 26, November 02, 2013
FICTITIOUS BUSINESS NAME STATEMENT
File No. 2013-212572
The following person(s) is (are) doing business as: MY CAFE 86, 2015 W. COMPTON BLVD., COMPTON, CA 90220. Full name of registrant(s) is (are) DANNY VINCE, 2015 W. COMPTON BLVD., COMPTON, CA 90220. This business is conducted by: AN INDIVIDUAL. Signed: DANIEL VINCE. This statement was filed with the County Clerk of Los Angeles County on 10/10/2013. The registrant(s) has (have) commenced to transact business under the fictitious business name or names listed above on N/A. NOTICE: This Fictitious Name Statement expires five years from the date it was filed in the office of the County Clerk. A new Fictitious Business Name Statement must be filed prior to that date. The filing of this statement does not of itself authorize the use in this state of a Fictitious Business Name in violation of the rights of another under Federal, State, or common law (See section 14411 et seq. Business and Professions Code)Publish: Mountain Views News
Dates Pub: Oct. 12, 19, 26, November 02, 2013
FICTITIOUS BUSINESS NAME STATEMENT
File No. 2013-208630
The following person(s) is (are) doing business as: NICKS RESTAURANT, 8203 SEVILLE AVE., HUNTINGTON PARK, CA 90255. Full name of registrant(s) is (are) EVANGELINA PENA, IGNACIO ARAUZ, 1827 PORTER ST., SAN BERNARDINO, CA 92407. This business is conducted by: A GENERAL PARTNERSHIP. Signed: IGNACIO ARAUZ. This statement was filed with the County Clerk of Los Angeles County on 10/04/2013. The registrant(s) has (have) commenced to transact business under the fictitious business name or names listed above on N/A. NOTICE: This Fictitious Name Statement expires five years from the date it was filed in the office of the County Clerk. A new Fictitious Business Name Statement must be filed prior to that date. The filing of this statement does not of itself authorize the use in this state of a Fictitious Business Name in violation of the rights of another under Federal, State, or common law (See section 14411 et seq. Business and Professions Code)Publish: Mountain Views News
Dates Pub: Oct. 12, 19, 26, November 02, 2013
FICTITIOUS BUSINESS NAME STATEMENT
File No. 2013-213020
The following person(s) is (are) doing business as: CAL NISSAN TOYOTA SERVICE, 3071 W. VALLEY BLVD., ALHAMBRA, CA 91803. Full name of registrant(s) is (are) SIEU V. NGOY, 3347 MARK IVANH AVE., ROSEMEAD, CA 91770. This business is conducted by: AN INDIVIDUAL. Signed: SIEU V. NGOY. This statement was filed with the County Clerk of Los Angeles County on 10/10/2013. The registrant(s) has (have) commenced to transact business under the fictitious business name or names listed above on 10/01/2013. NOTICE: This Fictitious Name Statement expires five years from the date it was filed in the office of the County Clerk. A new Fictitious Business Name Statement must be filed prior to that date.
Dates Pub: Oct. 12, 19, 26, November 02, 2013
FICTITIOUS BUSINESS NAME STATEMENT
File No. 2013-210576
The following person(s) is (are) doing business as: PREPA TEC, TORRANCE, 2410 BROADWAY WALNUT PARK, CA 90255. Full name of registrant(s) is (are) ALTERNATIVE SCHOOL SYSTEMS, INC., 2410 BROADWAY, WALNUT PARK, CA 90255. This business is conducted by: A CORPORATION. Signed: XAVIER REYES. This statement was filed with the County Clerk of Los Angeles County on 10/08/2013. The registrant(s) has (have) commenced to transact business under the fictitious business name or names listed above on 08/01/2013.
Dates Pub: Oct. 12, 19, 26, November 02, 2013
FICTITIOUS BUSINESS NAME STATEMENT
File No. 2013-208619
The following person(s) is (are) doing business as: PROJECT RESOURCE SOLUTIONS (PRS), 1308 E. COLORADO BLVD. #1818, PASADENA, CA 91106. Full name of registrant(s) is (are) CARLOS GODOY, 1308 E. COLORADO BLVD. #1818, PASADENA, CA 91106. This business is conducted by: AN INDIVIDUAL. Signed: CARLOS GODOY. This statement was filed with the County Clerk of Los Angeles County on 10/04/2013. The registrant(s) has (have) commenced to transact business under the fictitious business name or names listed above on 10/04/2013.
Dates Pub: Oct. 12, 19, 26, November 02, 2013
FICTITIOUS BUSINESS NAME STATEMENT
File No. 2013-211248
The following person(s) is (are) doing business as: RETRO PARIS, 201 E. 9th ST. #AE4, L.A., CA 90015. Full name of registrant(s) is (are) ROBERT DUPETIT, 201 E. 9th ST. #AE4, L.A., CA 90015. This business is conducted by: AN INDIVIDUAL. Signed: ROBERT DUPETIT. This statement was filed with the County Clerk of Los Angeles County on 10/09/2013. The registrant(s) has (have) commenced to transact business under the fictitious business name or names listed above on N/A.
Mountain Views News
Dates Pub: Oct. 12, 19, 26, November 02, 2013
FICTITIOUS BUSINESS NAME STATEMENT
File No. 2013-210663
The following person(s) is (are) doing business as: SEABREEZE AUTO SALES, SEABREEZE MOTOR, 5154 OAKLAND ST., L.A., CA 90032. Full name of registrant(s) is (are) WIN LAM, 5154 OAKLAND ST., L.A., CA 90032. This business is conducted by: AN INDIVIDUAL. Signed: WIN LAM. This statement was filed with the County Clerk of Los Angeles County on 10/08/2013. The registrant(s) has (have) commenced to transact business under the fictitious business name or names listed above on N/A. NOTICE: This Fictitious Name Statement expires five years from the date it was filed in the office of the County Clerk. A new Fictitious Business Name Statement must be filed prior to that date. The filing of this statement does not of itself authorize the use in this state of a Fictitious Business Name in violation of the rights of another under Federal, State, or common law (See section 14411 et seq. Business and Professions Code)Publish: Mountain Views News
Dates Pub: Oct. 12, 19, 26, November 02, 2013
FICTITIOUS BUSINESS NAME STATEMENT
File No. 2013-211564
The following person(s) is (are) doing business as: SHOP YROKINA, 2031 DRACENA DR. #15, L.A., CA 90027. Full name of registrant(s) is (are) YUNEE WOO, 2031 DRACENA DR. #15, L.A., CA 90027. This business is conducted by: AN INDIVIDUAL. Signed: YUNEE WOO. This statement was filed with the County Clerk of Los Angeles County on 10/09/2013. The registrant(s) has (have) commenced to transact business under the fictitious business name or names listed above on N/A. NOTICE: This Fictitious Name Statement expires five years from the date it was filed in the office of the County Clerk. A new Fictitious Business Name Statement must be filed prior to that date. The filing of this statement does not of itself authorize the use in this state of a Fictitious Business Name in violation of the rights of another under Federal, State, or common law (See section 14411 et seq. Business and Professions Code)Publish: Mountain Views News
Dates Pub: Oct. 12, 19, 26, November 02, 2013
FICTITIOUS BUSINESS NAME STATEMENT
File No. 2013-209142
The following person(s) is (are) doing business as: SO CAL FAIRZ, 4925 DURFEE AVE., PICO RIVERA, CA 90660. Full name of registrant(s) is (are) ADRIAN MARQUEZ, 4925 DURFEE AVE. UNIT C, PICO RIVERA, CA 90660. This business is conducted by: AN INDIVIDUAL. Signed: ADRIAN MARQUEZ. This statement was filed with the County Clerk of Los Angeles County on 10/07/2013. The registrant(s) has (have) commenced to transact business under the fictitious business name or names listed above on N/A. NOTICE: This Fictitious Name Statement expires five years from the date it was filed in the office of the County Clerk. A new Fictitious Business Name Statement must be filed prior to that date. The filing of this statement does not of itself authorize the use in this state of a Fictitious Business Name in violation of the rights of another under Federal, State, or common law (See section 14411 et seq. Business and Professions Code)Publish: Mountain Views News
Dates Pub: Oct. 12, 19, 26, November 02, 2013
FICTITIOUS BUSINESS NAME STATEMENT
File No. 2013-208439
The following person(s) is (are) doing business as: SOCAL AUTO SALES, 16149 MAPLEGROVE ST., LA PUENTE, CA 91744. Full name of registrant(s) is (are) GREGORIO SALVADOR RAMIREZ, 16149 MAPLEGROVE ST., LA PUENTE, CA 91744. This business is conducted by: AN INDIVIDUAL. Signed: GREGORIO SALVADOR RAMIREZ. This statement was filed with the County Clerk of Los Angeles County on 10/04/2013. The registrant(s) has (have) commenced to transact business under the fictitious business name or names listed above on N/A. NOTICE: This Fictitious Name Statement expires five years from the date it was filed in the office of the County Clerk. A new Fictitious Business Name Statement must be filed prior to that date. The filing of this statement does not of itself authorize the use in this state of a Fictitious Business Name in violation of the rights of another under Federal, State, or common law (See section 14411 et seq. Business and Professions Code)Publish: Mountain Views News
Dates Pub: Oct. 12, 19, 26, November 02, 2013
FICTITIOUS BUSINESS NAME STATEMENT
File No. 2013-208739
The following person(s) is (are) doing business as: SOUTHERN CALIFORNIA REALTY, 11 CALIFORNIA ST. #F, ARCADIA, CA 91006. Full name of registrant(s) is (are) PAUL YU, 11 CALIFORNIA ST. #F, ARCADIA, CA 91006. This business is conducted by: AN INDIVIDUAL. Signed: PAUL YU. This statement was filed with the County Clerk of Los Angeles County on 10/04/2013. The registrant(s) has (have) commenced to transact business under the fictitious business name or names listed above on 10/02/2013. NOTICE: This Fictitious Name Statement expires five years from the date it was filed in the office of the County Clerk. A new Fictitious Business Name Statement must be filed prior to that date. The filing of this statement does not of itself authorize the use in this state of a Fictitious Business Name in violation of the rights of another under Federal, State, or common law (See section 14411 et seq. Business and Professions Code)Publish: Mountain Views News
Dates Pub: Oct. 12, 19, 26, November 02, 2013
FICTITIOUS BUSINESS NAME STATEMENT
File No. 2013-209703
The following person(s) is (are) doing business as: STARR AUTO RENTALS, 8963 NATIONAL BLVD., L.A., CA 90034. Full name of registrant(s) is (are) RANAFSHED AUTOMOBILES, INC., 8963 NATIONAL BLVD., L.A., CA 90034. This business is conducted by: A CORPORATION. Signed: HASSAN ZOROODI. This statement was filed with the County Clerk of Los Angeles County on 10/07/2013. The registrant(s) has (have) commenced to transact business under the fictitious business name or names listed above on 09/26/2012. NOTICE: This Fictitious Name Statement expires five years from the date it was filed in the office of the County Clerk. A new Fictitious Business Name Statement must be filed prior to that date. The filing of this statement does not of itself authorize the use in this state of a Fictitious Business Name in violation of the rights of another under Federal, State, or common law (See section 14411 et seq. Business and Professions Code)Publish: Mountain Views News
Dates Pub: Oct. 12, 19, 26, November 02, 2013
FICTITIOUS BUSINESS NAME STATEMENT
File No. 2013-209990
The following person(s) is (are) doing business as: STRING CAFE, 1050 N. VINE ST. #374, L.A., CA 90038. Full name of registrant(s) is (are) JOSE ZAPETER, ANGELA LEQUANG, 1501 MELROSE AVE. UNIT 4, GLENDALE, CA 91202. This business is conducted by: A GENERAL PARTNERSHIP. Signed: ANGELA LEQUANG. This statement was filed with the County Clerk of Los Angeles County on 10/07/2013. The registrant(s) has (have) commenced to transact business under the fictitious business name or names listed above on 09/20/2008. NOTICE: This Fictitious Name Statement expires five years from the date it was filed in the office of the County Clerk. A new Fictitious Business Name Statement must be filed prior to that date. The filing of this statement does not of itself authorize the use in this state of a Fictitious Business Name in violation of the rights of another under Federal, State, or common law (See section 14411 et seq. Business and Professions Code)Publish: Mountain Views News
Dates Pub: Oct. 12, 19, 26, November 02, 2013
FICTITIOUS BUSINESS NAME STATEMENT
File No. 2013-210566
The following person(s) is (are) doing business as: TATA'S TRUCKING, 985 N. PARK CIR. #1, LONG BEACH, CA 90813. Full name of registrant(s) is (are) RUBEN Y. TORRES, 985 N. PARK CIR. #1, LONG BEACH, CA 90813. This business is conducted by: AN INDIVIDUAL. Signed: RUBEN Y. TORRES. This statement was filed with the County Clerk of Los Angeles County on 10/08/2013. The registrant(s) has (have) commenced to transact business under the fictitious business name or names listed above on 10/08/2010. NOTICE: This Fictitious Name Statement expires five years from the date it was filed in the office of the County Clerk. A new Fictitious Business Name Statement must be filed prior to that date.
Dates Pub: Oct. 12, 19, 26, November 02, 2013
FICTITIOUS BUSINESS NAME STATEMENT
File No. 2013-212544
The following person(s) is (are) doing business as: TESOROS NATURALES NATURE'S TESORO, 3138 COKE AVE. #3, LONG BEACH, CA 90815. Full name of registrant(s) is (are) NORIS B. ORTIZ, 5300 MOODY DR., ROSEMEAD, CA 91770. This business is conducted by: AN INDIVIDUAL. Signed: NORIS B. ORTIZ. This statement was filed with the County Clerk of Los Angeles County on 10/10/2013. The registrant(s) has (have) commenced to transact business under the fictitious business name or names listed above on N/A.
Dates Pub: Oct. 12, 19, 26, November 02, 2013
FICTITIOUS BUSINESS NAME STATEMENT
File No. 2013-212484
The following person(s) is (are) doing business as: THE JOINT, THE CHIROPRACTIC PLACE, 12050 LAKEWOOD BLVD., DOWNEY, CA 90242. Full name of registrant(s) is (are) ROVU VENTURES, INC., 1361 KNOLLWOOD RD. #64E, SEAL BEACH, CA 90740. This business is conducted by: A CORPORATION. Signed: ANTHONY TRAN. This statement was filed with the County Clerk of Los Angeles County on 10/10/2013. The registrant(s) has (have) commenced to transact business under the fictitious business name or names listed above on 09/06/2013.
Dates Pub: Oct. 12, 19, 26, November 02, 2013
FICTITIOUS BUSINESS NAME STATEMENT
File No. 2013-210962
The following person(s) is (are) doing business as: THE PURPLE OWL, 4090 W. 7th ST., L.A., CA 90005. Full name of registrant(s) is (are) MACREE RAMIREZ, 4090 W. 7th ST., L.A., CA 90005.
Mountain Views News 80 W Sierra Madre Blvd. No. 327 Sierra Madre, Ca. 91024 Office: 626.355.2737 Fax: 626.609.3285 Email: editor@mtnviewsnews.com Website: www.mtnviewsnews.com
